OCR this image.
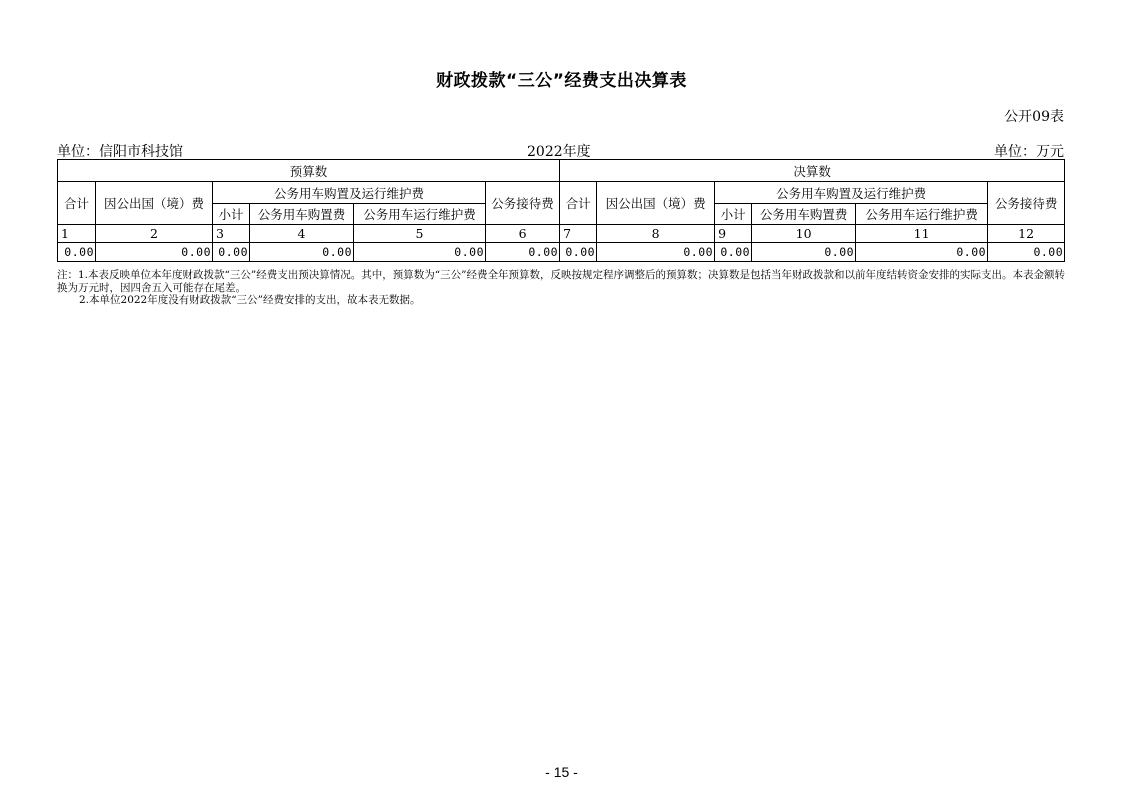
财政拨款“三公”经费支出决算表
公开09表
单位：信阳市科技馆	2022年度	单位：万元
预算数						决算数					
合计	因公出国（境）费	公务用车购置及运行维护费			公务接待费	合计	因公出国（境）费	公务用车购置及运行维护费			公务接待费
		小计	公务用车购置费	公务用车运行维护费				小计	公务用车购置费	公务用车运行维护费	
1	2	3	4	5	6	7	8	9	10	11	12
0.00	0.00	0.00	0.00	0.00	0.00	0.00	0.00	0.00	0.00	0.00	0.00
注：1.本表反映单位本年度财政拨款“三公”经费支出预决算情况。其中，预算数为“三公”经费全年预算数，反映按规定程序调整后的预算数；决算数是包括当年财政拨款和以前年度结转资金安排的实际支出。本表金额转换为万元时，因四舍五入可能存在尾差。
2.本单位2022年度没有财政拨款“三公”经费安排的支出，故本表无数据。
- 15 -
